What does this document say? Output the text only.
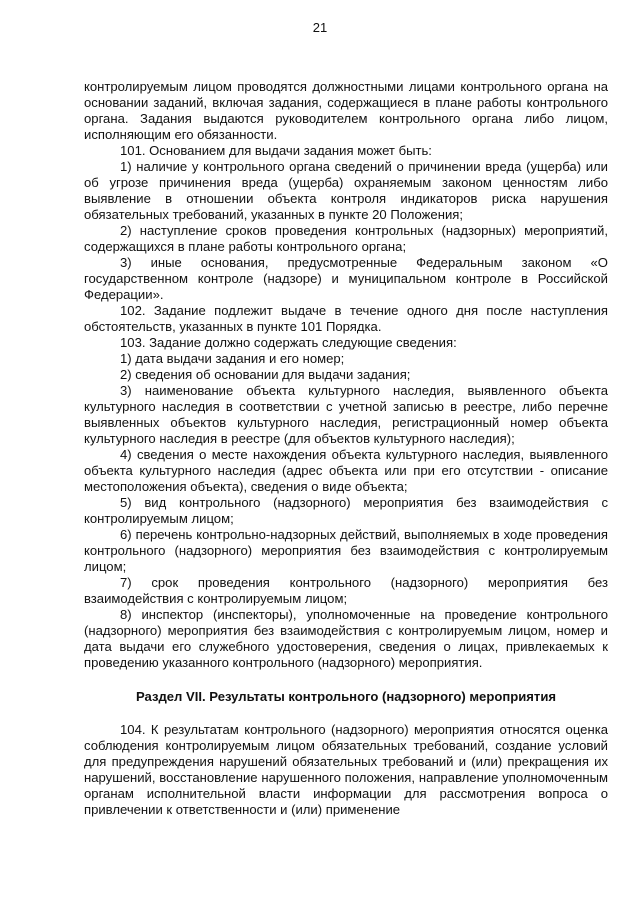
21

контролируемым лицом проводятся должностными лицами контрольного органа на основании заданий, включая задания, содержащиеся в плане работы контрольного органа. Задания выдаются руководителем контрольного органа либо лицом, исполняющим его обязанности.

101. Основанием для выдачи задания может быть:

1) наличие у контрольного органа сведений о причинении вреда (ущерба) или об угрозе причинения вреда (ущерба) охраняемым законом ценностям либо выявление в отношении объекта контроля индикаторов риска нарушения обязательных требований, указанных в пункте 20 Положения;

2) наступление сроков проведения контрольных (надзорных) мероприятий, содержащихся в плане работы контрольного органа;

3) иные основания, предусмотренные Федеральным законом «О государственном контроле (надзоре) и муниципальном контроле в Российской Федерации».

102. Задание подлежит выдаче в течение одного дня после наступления обстоятельств, указанных в пункте 101 Порядка.

103. Задание должно содержать следующие сведения:

1) дата выдачи задания и его номер;

2) сведения об основании для выдачи задания;

3) наименование объекта культурного наследия, выявленного объекта культурного наследия в соответствии с учетной записью в реестре, либо перечне выявленных объектов культурного наследия, регистрационный номер объекта культурного наследия в реестре (для объектов культурного наследия);

4) сведения о месте нахождения объекта культурного наследия, выявленного объекта культурного наследия (адрес объекта или при его отсутствии - описание местоположения объекта), сведения о виде объекта;

5) вид контрольного (надзорного) мероприятия без взаимодействия с контролируемым лицом;

6) перечень контрольно-надзорных действий, выполняемых в ходе проведения контрольного (надзорного) мероприятия без взаимодействия с контролируемым лицом;

7) срок проведения контрольного (надзорного) мероприятия без взаимодействия с контролируемым лицом;

8) инспектор (инспекторы), уполномоченные на проведение контрольного (надзорного) мероприятия без взаимодействия с контролируемым лицом, номер и дата выдачи его служебного удостоверения, сведения о лицах, привлекаемых к проведению указанного контрольного (надзорного) мероприятия.

Раздел VII. Результаты контрольного (надзорного) мероприятия

104. К результатам контрольного (надзорного) мероприятия относятся оценка соблюдения контролируемым лицом обязательных требований, создание условий для предупреждения нарушений обязательных требований и (или) прекращения их нарушений, восстановление нарушенного положения, направление уполномоченным органам исполнительной власти информации для рассмотрения вопроса о привлечении к ответственности и (или) применение
